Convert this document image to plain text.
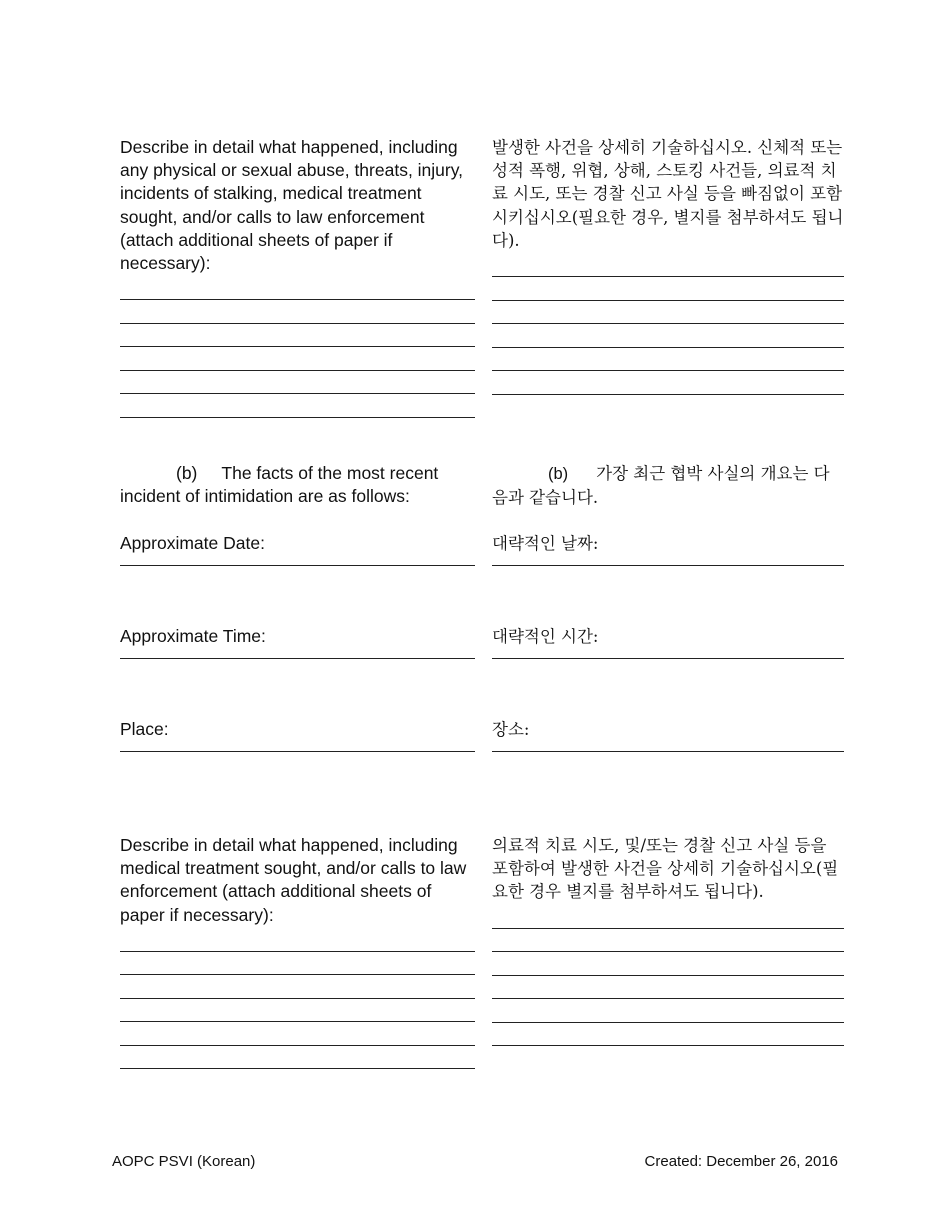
Describe in detail what happened, including any physical or sexual abuse, threats, injury, incidents of stalking, medical treatment sought, and/or calls to law enforcement (attach additional sheets of paper if necessary):

발생한 사건을 상세히 기술하십시오. 신체적 또는 성적 폭행, 위협, 상해, 스토킹 사건들, 의료적 치료 시도, 또는 경찰 신고 사실 등을 빠짐없이 포함시키십시오(필요한 경우, 별지를 첨부하셔도 됩니다).

(b) The facts of the most recent incident of intimidation are as follows:

(b) 가장 최근 협박 사실의 개요는 다음과 같습니다.

Approximate Date:	대략적인 날짜:
Approximate Time:	대략적인 시간:
Place:	장소:

Describe in detail what happened, including medical treatment sought, and/or calls to law enforcement (attach additional sheets of paper if necessary):

의료적 치료 시도, 및/또는 경찰 신고 사실 등을 포함하여 발생한 사건을 상세히 기술하십시오(필요한 경우 별지를 첨부하셔도 됩니다).

AOPC PSVI (Korean)	Created: December 26, 2016
